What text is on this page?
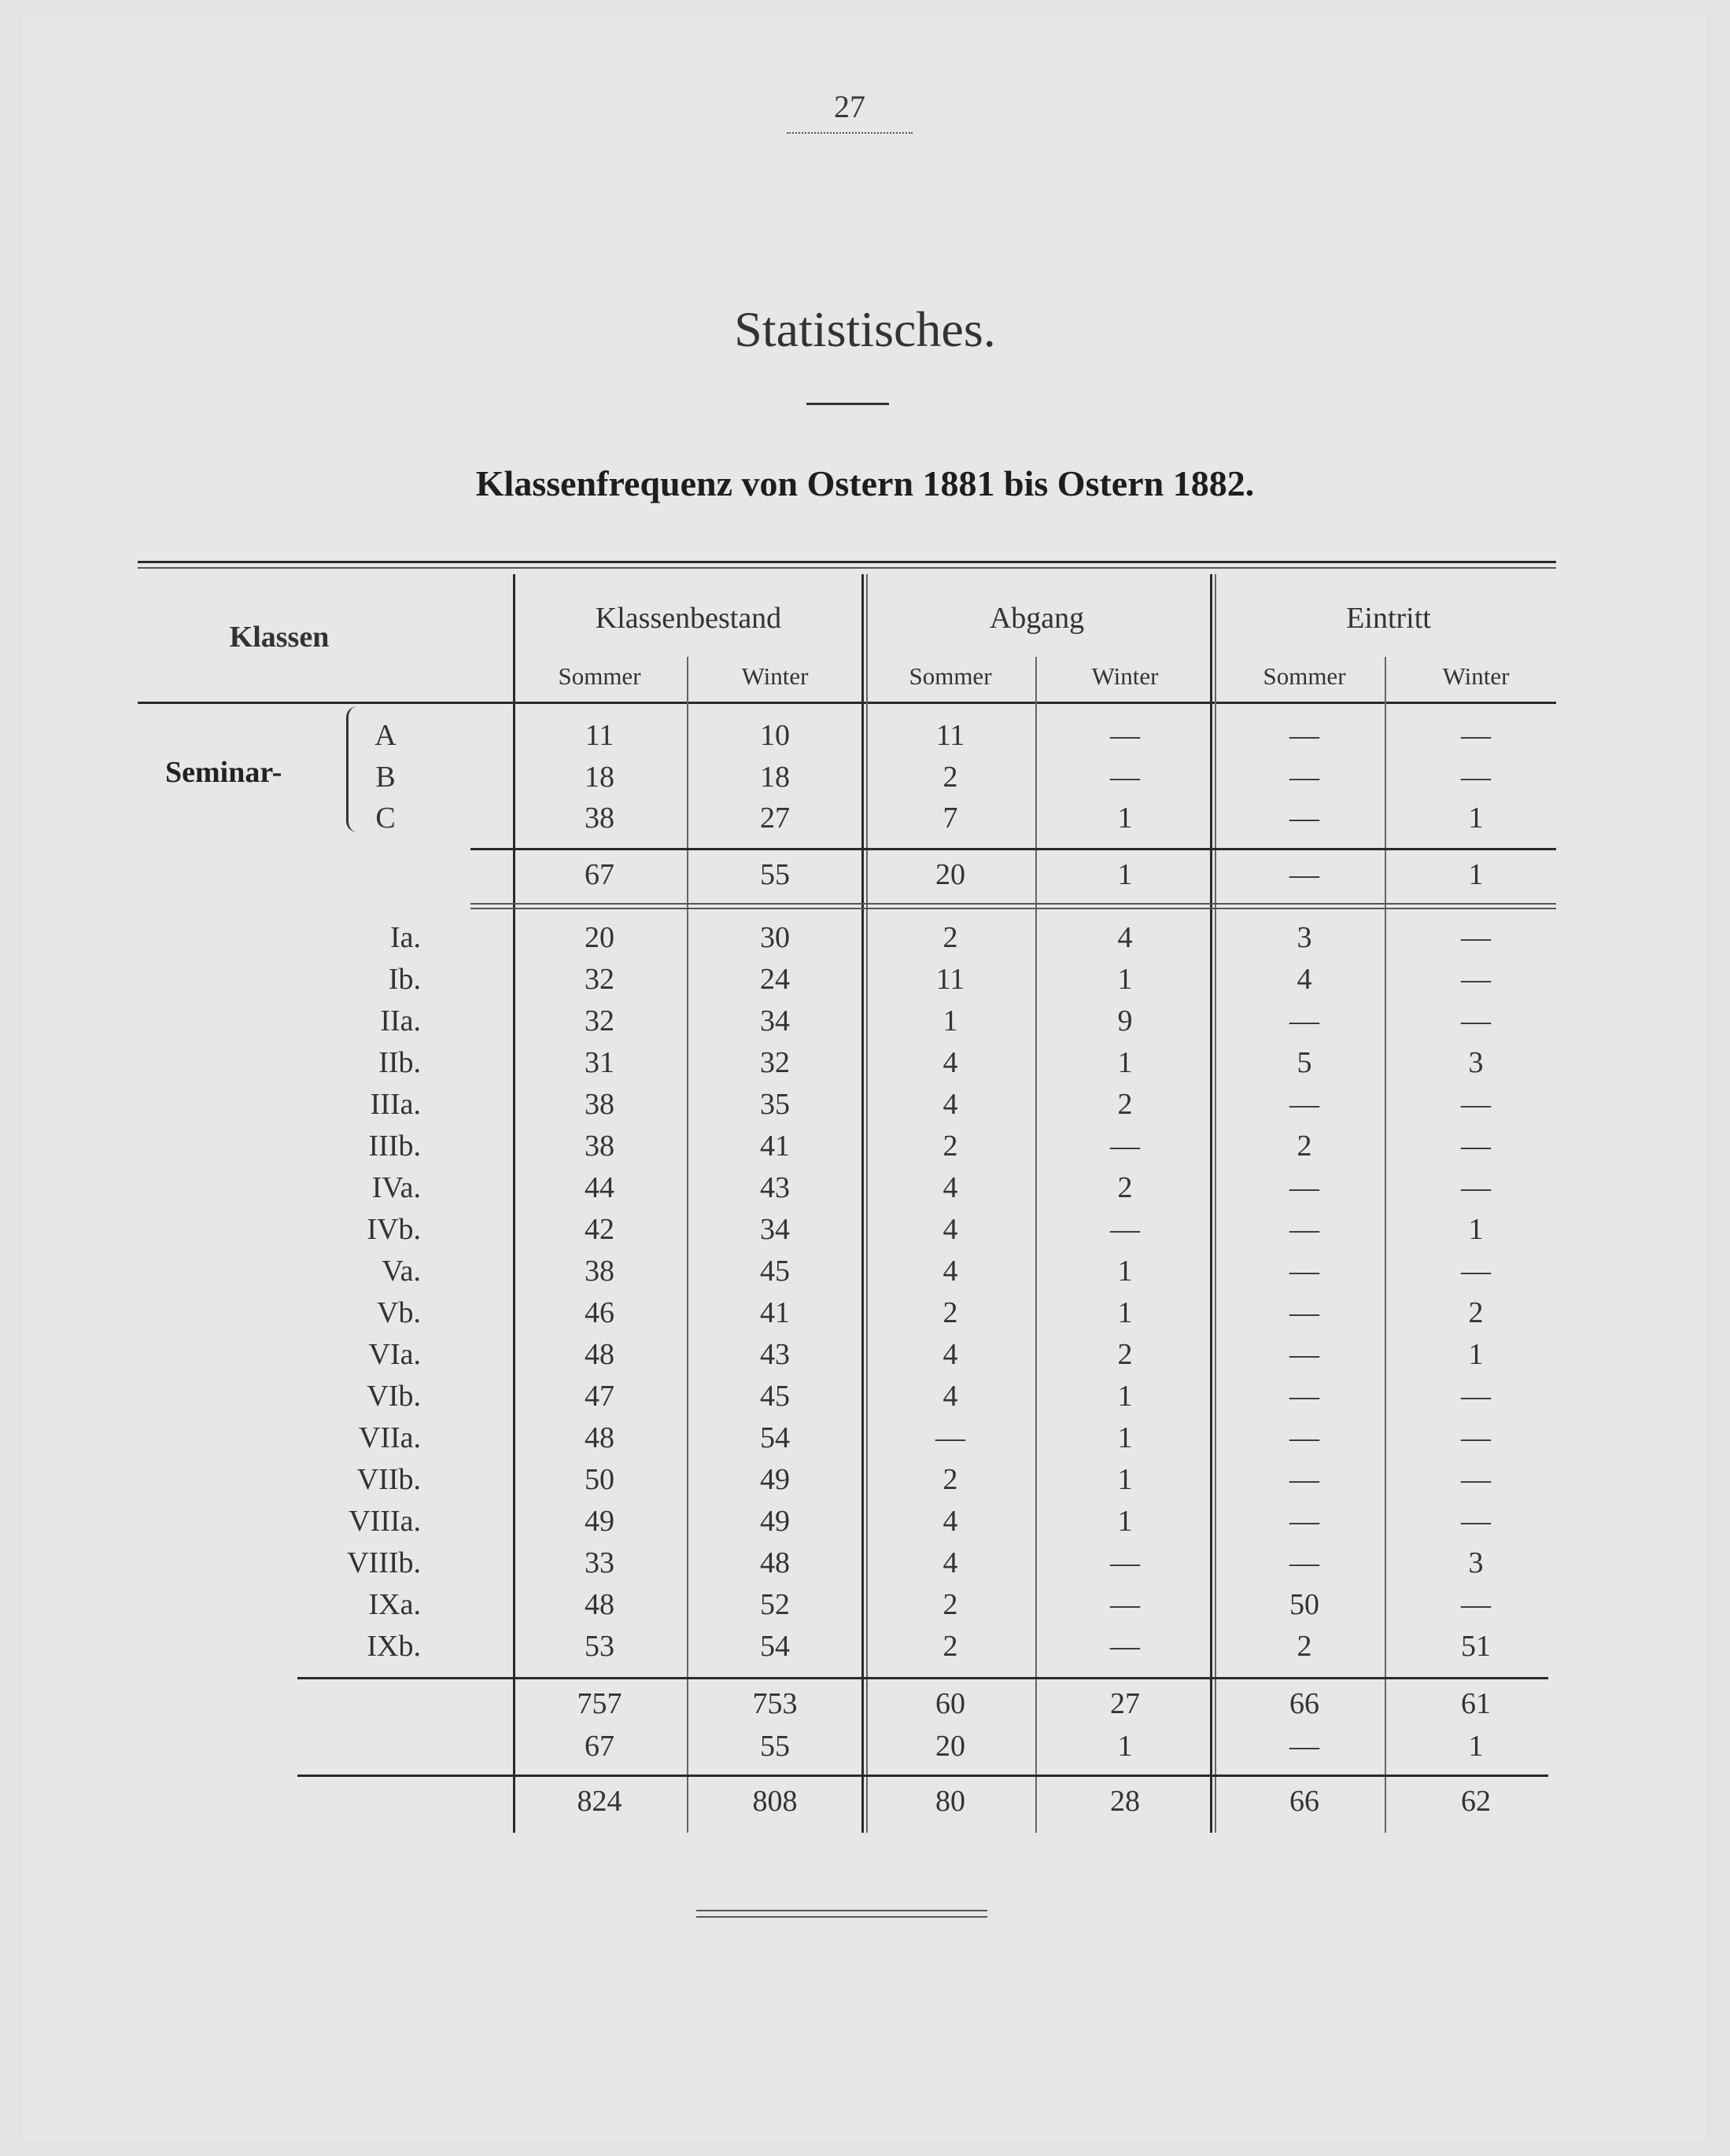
27
Statistisches.
Klassenfrequenz von Ostern 1881 bis Ostern 1882.
Klassen
Klassenbestand	Abgang	Eintritt
Sommer	Winter	Sommer	Winter	Sommer	Winter
Seminar-
A	11	10	11	—	—	—
B	18	18	2	—	—	—
C	38	27	7	1	—	1
67	55	20	1	—	1
Ia.	20	30	2	4	3	—
Ib.	32	24	11	1	4	—
IIa.	32	34	1	9	—	—
IIb.	31	32	4	1	5	3
IIIa.	38	35	4	2	—	—
IIIb.	38	41	2	—	2	—
IVa.	44	43	4	2	—	—
IVb.	42	34	4	—	—	1
Va.	38	45	4	1	—	—
Vb.	46	41	2	1	—	2
VIa.	48	43	4	2	—	1
VIb.	47	45	4	1	—	—
VIIa.	48	54	—	1	—	—
VIIb.	50	49	2	1	—	—
VIIIa.	49	49	4	1	—	—
VIIIb.	33	48	4	—	—	3
IXa.	48	52	2	—	50	—
IXb.	53	54	2	—	2	51
757	753	60	27	66	61
67	55	20	1	—	1
824	808	80	28	66	62
